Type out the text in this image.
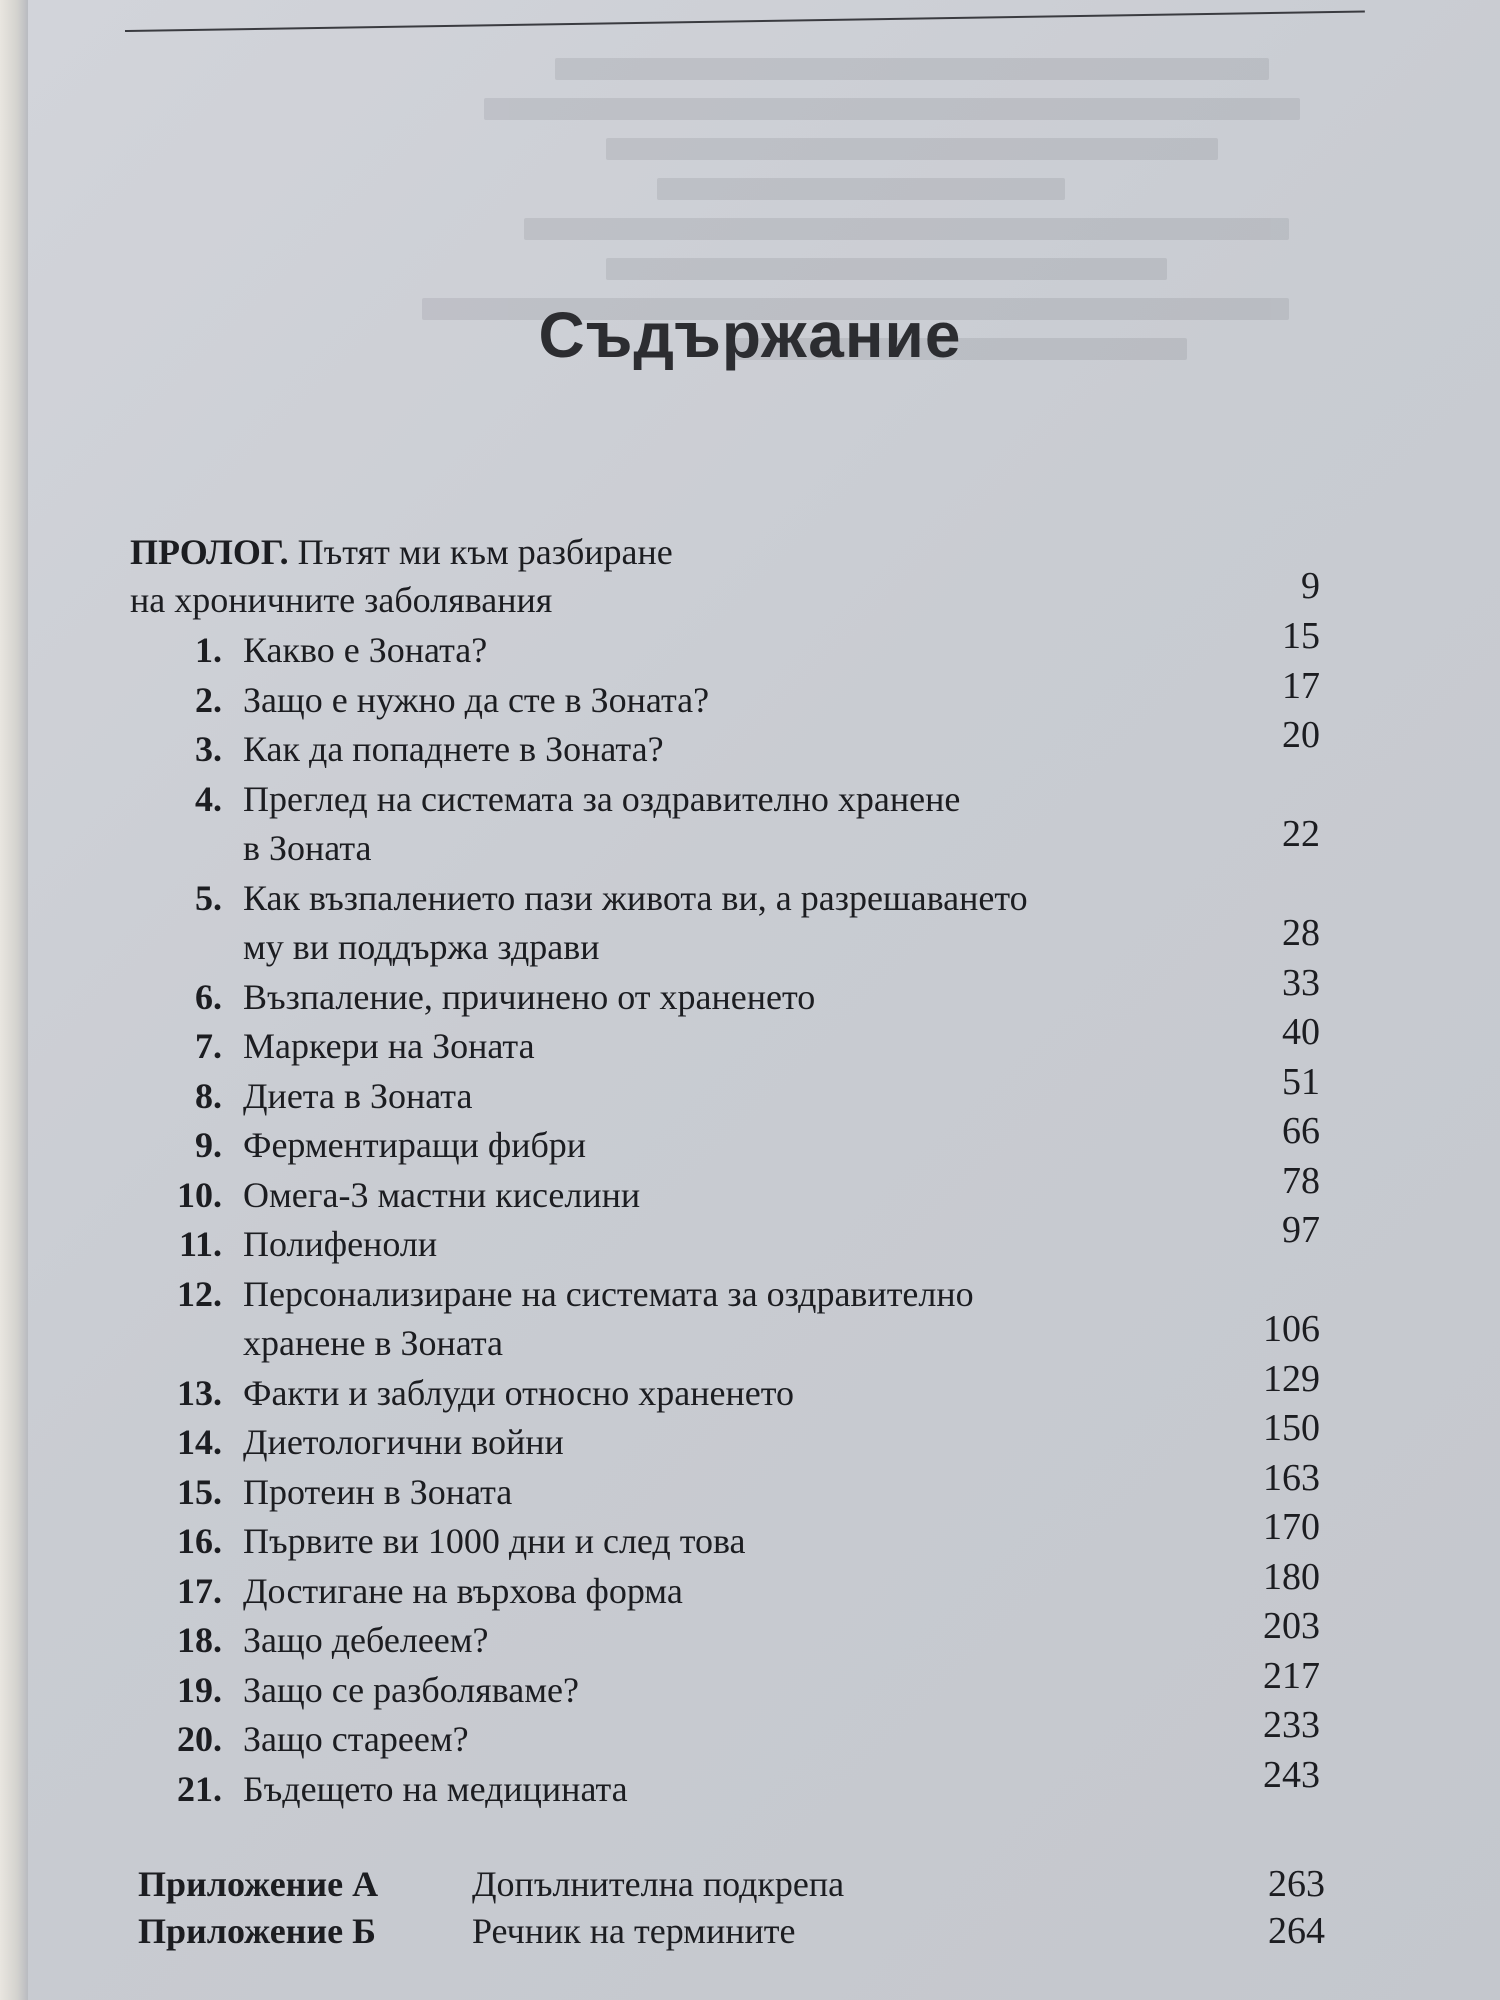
Съдържание
ПРОЛОГ. Пътят ми към разбиране
на хроничните заболявания	9
1. Какво е Зоната?	15
2. Защо е нужно да сте в Зоната?	17
3. Как да попаднете в Зоната?	20
4. Преглед на системата за оздравително хранене
в Зоната	22
5. Как възпалението пази живота ви, а разрешаването
му ви поддържа здрави	28
6. Възпаление, причинено от храненето	33
7. Маркери на Зоната	40
8. Диета в Зоната	51
9. Ферментиращи фибри	66
10. Омега-3 мастни киселини	78
11. Полифеноли	97
12. Персонализиране на системата за оздравително
хранене в Зоната	106
13. Факти и заблуди относно храненето	129
14. Диетологични войни	150
15. Протеин в Зоната	163
16. Първите ви 1000 дни и след това	170
17. Достигане на върхова форма	180
18. Защо дебелеем?	203
19. Защо се разболяваме?	217
20. Защо стареем?	233
21. Бъдещето на медицината	243
Приложение А	Допълнителна подкрепа	263
Приложение Б	Речник на термините	264
